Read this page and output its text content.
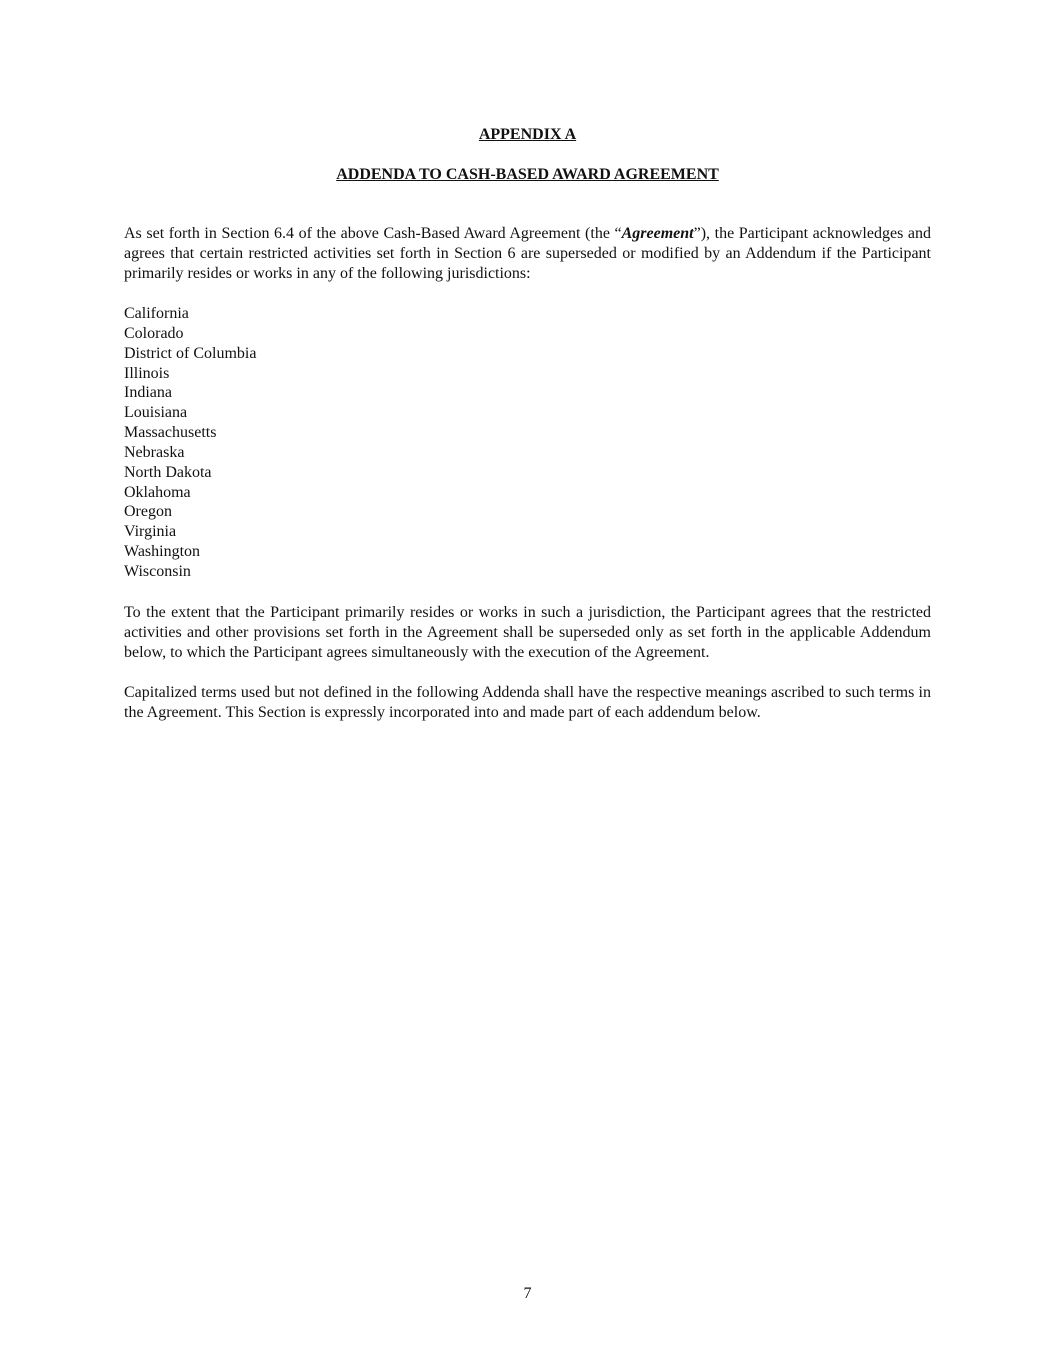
APPENDIX A
ADDENDA TO CASH-BASED AWARD AGREEMENT

As set forth in Section 6.4 of the above Cash-Based Award Agreement (the “Agreement”), the Participant acknowledges and agrees that certain restricted activities set forth in Section 6 are superseded or modified by an Addendum if the Participant primarily resides or works in any of the following jurisdictions:

California
Colorado
District of Columbia
Illinois
Indiana
Louisiana
Massachusetts
Nebraska
North Dakota
Oklahoma
Oregon
Virginia
Washington
Wisconsin

To the extent that the Participant primarily resides or works in such a jurisdiction, the Participant agrees that the restricted activities and other provisions set forth in the Agreement shall be superseded only as set forth in the applicable Addendum below, to which the Participant agrees simultaneously with the execution of the Agreement.

Capitalized terms used but not defined in the following Addenda shall have the respective meanings ascribed to such terms in the Agreement. This Section is expressly incorporated into and made part of each addendum below.

7
